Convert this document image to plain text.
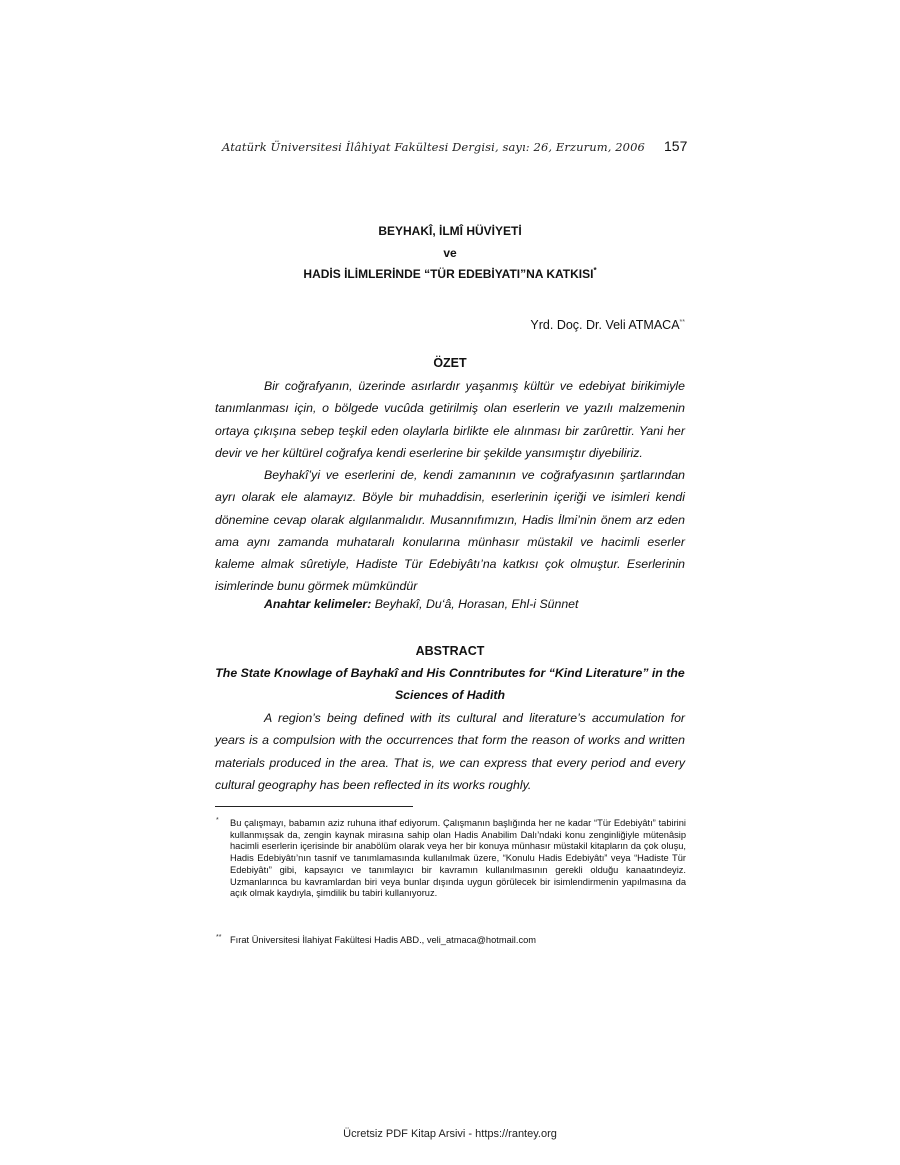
Atatürk Üniversitesi İlâhiyat Fakültesi Dergisi, sayı: 26, Erzurum, 2006 157
BEYHAKÎ, İLMÎ HÜVİYETİ
ve
HADİS İLİMLERİNDE “TÜR EDEBİYATI”NA KATKISI*
Yrd. Doç. Dr. Veli ATMACA**
ÖZET

Bir coğrafyanın, üzerinde asırlardır yaşanmış kültür ve edebiyat birikimiyle tanımlanması için, o bölgede vucûda getirilmiş olan eserlerin ve yazılı malzemenin ortaya çıkışına sebep teşkil eden olaylarla birlikte ele alınması bir zarûrettir. Yani her devir ve her kültürel coğrafya kendi eserlerine bir şekilde yansımıştır diyebiliriz.

Beyhakî’yi ve eserlerini de, kendi zamanının ve coğrafyasının şartlarından ayrı olarak ele alamayız. Böyle bir muhaddisin, eserlerinin içeriği ve isimleri kendi dönemine cevap olarak algılanmalıdır. Musannıfımızın, Hadis İlmi’nin önem arz eden ama aynı zamanda muhataralı konularına münhasır müstakil ve hacimli eserler kaleme almak sûretiyle, Hadiste Tür Edebiyâtı’na katkısı çok olmuştur. Eserlerinin isimlerinde bunu görmek mümkündür

Anahtar kelimeler: Beyhakî, Du‘â, Horasan, Ehl-i Sünnet
ABSTRACT
The State Knowlage of Bayhakî and His Conntributes for “Kind Literature” in the Sciences of Hadith

A region’s being defined with its cultural and literature’s accumulation for years is a compulsion with the occurrences that form the reason of works and written materials produced in the area. That is, we can express that every period and every cultural geography has been reflected in its works roughly.

* Bu çalışmayı, babamın aziz ruhuna ithaf ediyorum. Çalışmanın başlığında her ne kadar “Tür Edebiyâtı” tabirini kullanmışsak da, zengin kaynak mirasına sahip olan Hadis Anabilim Dalı’ndaki konu zenginliğiyle mütenâsip hacimli eserlerin içerisinde bir anabölüm olarak veya her bir konuya münhasır müstakil kitapların da çok oluşu, Hadis Edebiyâtı’nın tasnif ve tanımlamasında kullanılmak üzere, “Konulu Hadis Edebiyâtı” veya “Hadiste Tür Edebiyâtı” gibi, kapsayıcı ve tanımlayıcı bir kavramın kullanılmasının gerekli olduğu kanaatındeyiz. Uzmanlarınca bu kavramlardan biri veya bunlar dışında uygun görülecek bir isimlendirmenin yapılmasına da açık olmak kaydıyla, şimdilik bu tabiri kullanıyoruz.
** Fırat Üniversitesi İlahiyat Fakültesi Hadis ABD., veli_atmaca@hotmail.com
Ücretsiz PDF Kitap Arsivi - https://rantey.org
